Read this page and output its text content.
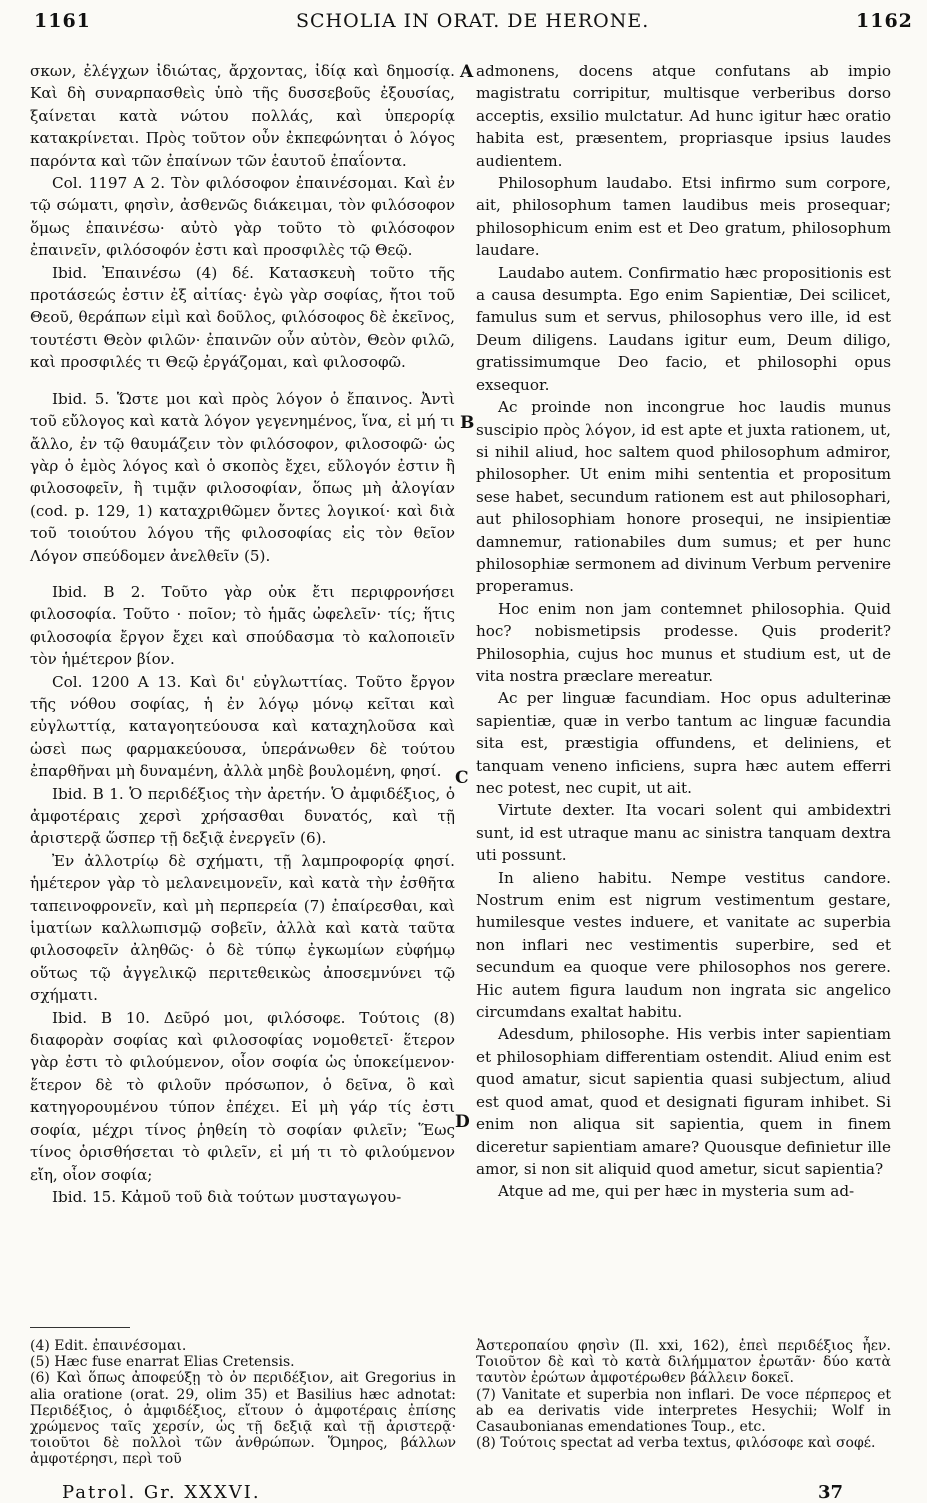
1161	SCHOLIA IN ORAT. DE HERONE.	1162

σκων, ἐλέγχων ἰδιώτας, ἄρχοντας, ἰδίᾳ καὶ δημοσίᾳ. Καὶ δὴ συναρπασθεὶς ὑπὸ τῆς δυσσεβοῦς ἐξουσίας, ξαίνεται κατὰ νώτου πολλάς, καὶ ὑπερορίᾳ κατακρίνεται. Πρὸς τοῦτον οὖν ἐκπεφώνηται ὁ λόγος παρόντα καὶ τῶν ἐπαίνων τῶν ἑαυτοῦ ἐπαΐοντα.

Col. 1197 A 2. Τὸν φιλόσοφον ἐπαινέσομαι. Καὶ ἐν τῷ σώματι, φησὶν, ἀσθενῶς διάκειμαι, τὸν φιλόσοφον ὅμως ἐπαινέσω· αὐτὸ γὰρ τοῦτο τὸ φιλόσοφον ἐπαινεῖν, φιλόσοφόν ἐστι καὶ προσφιλὲς τῷ Θεῷ.

Ibid. Ἐπαινέσω (4) δέ. Κατασκευὴ τοῦτο τῆς προτάσεώς ἐστιν ἐξ αἰτίας· ἐγὼ γὰρ σοφίας, ἤτοι τοῦ Θεοῦ, θεράπων εἰμὶ καὶ δοῦλος, φιλόσοφος δὲ ἐκεῖνος, τουτέστι Θεὸν φιλῶν· ἐπαινῶν οὖν αὐτὸν, Θεὸν φιλῶ, καὶ προσφιλές τι Θεῷ ἐργάζομαι, καὶ φιλοσοφῶ.

Ibid. 5. Ὥστε μοι καὶ πρὸς λόγον ὁ ἔπαινος. Ἀντὶ τοῦ εὔλογος καὶ κατὰ λόγον γεγενημένος, ἵνα, εἰ μή τι ἄλλο, ἐν τῷ θαυμάζειν τὸν φιλόσοφον, φιλοσοφῶ· ὡς γὰρ ὁ ἐμὸς λόγος καὶ ὁ σκοπὸς ἔχει, εὔλογόν ἐστιν ἢ φιλοσοφεῖν, ἢ τιμᾷν φιλοσοφίαν, ὅπως μὴ ἀλογίαν (cod. p. 129, 1) καταχριθῶμεν ὄντες λογικοί· καὶ διὰ τοῦ τοιούτου λόγου τῆς φιλοσοφίας εἰς τὸν θεῖον Λόγον σπεύδομεν ἀνελθεῖν (5).

Ibid. B 2. Τοῦτο γὰρ οὐκ ἔτι περιφρονήσει φιλοσοφία. Τοῦτο · ποῖον; τὸ ἡμᾶς ὠφελεῖν· τίς; ἥτις φιλοσοφία ἔργον ἔχει καὶ σπούδασμα τὸ καλοποιεῖν τὸν ἡμέτερον βίον.

Col. 1200 A 13. Καὶ δι' εὐγλωττίας. Τοῦτο ἔργον τῆς νόθου σοφίας, ἡ ἐν λόγῳ μόνῳ κεῖται καὶ εὐγλωττίᾳ, καταγοητεύουσα καὶ καταχηλοῦσα καὶ ὡσεὶ πως φαρμακεύουσα, ὑπεράνωθεν δὲ τούτου ἐπαρθῆναι μὴ δυναμένη, ἀλλὰ μηδὲ βουλομένη, φησί.

Ibid. B 1. Ὁ περιδέξιος τὴν ἀρετήν. Ὁ ἀμφιδέξιος, ὁ ἀμφοτέραις χερσὶ χρήσασθαι δυνατός, καὶ τῇ ἀριστερᾷ ὥσπερ τῇ δεξιᾷ ἐνεργεῖν (6).

Ἐν ἀλλοτρίῳ δὲ σχήματι, τῇ λαμπροφορίᾳ φησί. ἡμέτερον γὰρ τὸ μελανειμονεῖν, καὶ κατὰ τὴν ἐσθῆτα ταπεινοφρονεῖν, καὶ μὴ περπερεία (7) ἐπαίρεσθαι, καὶ ἱματίων καλλωπισμῷ σοβεῖν, ἀλλὰ καὶ κατὰ ταῦτα φιλοσοφεῖν ἀληθῶς· ὁ δὲ τύπῳ ἐγκωμίων εὐφήμῳ οὕτως τῷ ἀγγελικῷ περιτεθεικὼς ἀποσεμνύνει τῷ σχήματι.

Ibid. B 10. Δεῦρό μοι, φιλόσοφε. Τούτοις (8) διαφορὰν σοφίας καὶ φιλοσοφίας νομοθετεῖ· ἕτερον γὰρ ἐστι τὸ φιλούμενον, οἷον σοφία ὡς ὑποκείμενον· ἕτερον δὲ τὸ φιλοῦν πρόσωπον, ὁ δεῖνα, ὃ καὶ κατηγορουμένου τύπον ἐπέχει. Εἰ μὴ γάρ τίς ἐστι σοφία, μέχρι τίνος ῥηθείη τὸ σοφίαν φιλεῖν; Ἕως τίνος ὁρισθήσεται τὸ φιλεῖν, εἰ μή τι τὸ φιλούμενον εἴη, οἷον σοφία;

Ibid. 15. Κἀμοῦ τοῦ διὰ τούτων μυσταγωγου-

A
B
C
D

admonens, docens atque confutans ab impio magistratu corripitur, multisque verberibus dorso acceptis, exsilio mulctatur. Ad hunc igitur hæc oratio habita est, præsentem, propriasque ipsius laudes audientem.

Philosophum laudabo. Etsi infirmo sum corpore, ait, philosophum tamen laudibus meis prosequar; philosophicum enim est et Deo gratum, philosophum laudare.

Laudabo autem. Confirmatio hæc propositionis est a causa desumpta. Ego enim Sapientiæ, Dei scilicet, famulus sum et servus, philosophus vero ille, id est Deum diligens. Laudans igitur eum, Deum diligo, gratissimumque Deo facio, et philosophi opus exsequor.

Ac proinde non incongrue hoc laudis munus suscipio πρὸς λόγον, id est apte et juxta rationem, ut, si nihil aliud, hoc saltem quod philosophum admiror, philosopher. Ut enim mihi sententia et propositum sese habet, secundum rationem est aut philosophari, aut philosophiam honore prosequi, ne insipientiæ damnemur, rationabiles dum sumus; et per hunc philosophiæ sermonem ad divinum Verbum pervenire properamus.

Hoc enim non jam contemnet philosophia. Quid hoc? nobismetipsis prodesse. Quis proderit? Philosophia, cujus hoc munus et studium est, ut de vita nostra præclare mereatur.

Ac per linguæ facundiam. Hoc opus adulterinæ sapientiæ, quæ in verbo tantum ac linguæ facundia sita est, præstigia offundens, et deliniens, et tanquam veneno inficiens, supra hæc autem efferri nec potest, nec cupit, ut ait.

Virtute dexter. Ita vocari solent qui ambidextri sunt, id est utraque manu ac sinistra tanquam dextra uti possunt.

In alieno habitu. Nempe vestitus candore. Nostrum enim est nigrum vestimentum gestare, humilesque vestes induere, et vanitate ac superbia non inflari nec vestimentis superbire, sed et secundum ea quoque vere philosophos nos gerere. Hic autem figura laudum non ingrata sic angelico circumdans exaltat habitu.

Adesdum, philosophe. His verbis inter sapientiam et philosophiam differentiam ostendit. Aliud enim est quod amatur, sicut sapientia quasi subjectum, aliud est quod amat, quod et designati figuram inhibet. Si enim non aliqua sit sapientia, quem in finem diceretur sapientiam amare? Quousque definietur ille amor, si non sit aliquid quod ametur, sicut sapientia?

Atque ad me, qui per hæc in mysteria sum ad-

(4) Edit. ἐπαινέσομαι.

(5) Hæc fuse enarrat Elias Cretensis.

(6) Καὶ ὅπως ἀποφεύξῃ τὸ ὀν περιδέξιον, ait Gregorius in alia oratione (orat. 29, olim 35) et Basilius hæc adnotat: Περιδέξιος, ὁ ἀμφιδέξιος, εἴτουν ὁ ἀμφοτέραις ἐπίσης χρώμενος ταῖς χερσίν, ὡς τῇ δεξιᾷ καὶ τῇ ἀριστερᾷ· τοιοῦτοι δὲ πολλοὶ τῶν ἀνθρώπων. Ὅμηρος, βάλλων ἀμφοτέρησι, περὶ τοῦ

Ἀστεροπαίου φησὶν (Il. xxi, 162), ἐπεὶ περιδέξιος ἦεν. Τοιοῦτον δὲ καὶ τὸ κατὰ διλήμματον ἐρωτᾶν· δύο κατὰ ταυτὸν ἐρώτων ἀμφοτέρωθεν βάλλειν δοκεῖ.

(7) Vanitate et superbia non inflari. De voce πέρπερος et ab ea derivatis vide interpretes Hesychii; Wolf in Casaubonianas emendationes Toup., etc.

(8) Τούτοις spectat ad verba textus, φιλόσοφε καὶ σοφέ.

Patrol. Gr. XXXVI.	37
